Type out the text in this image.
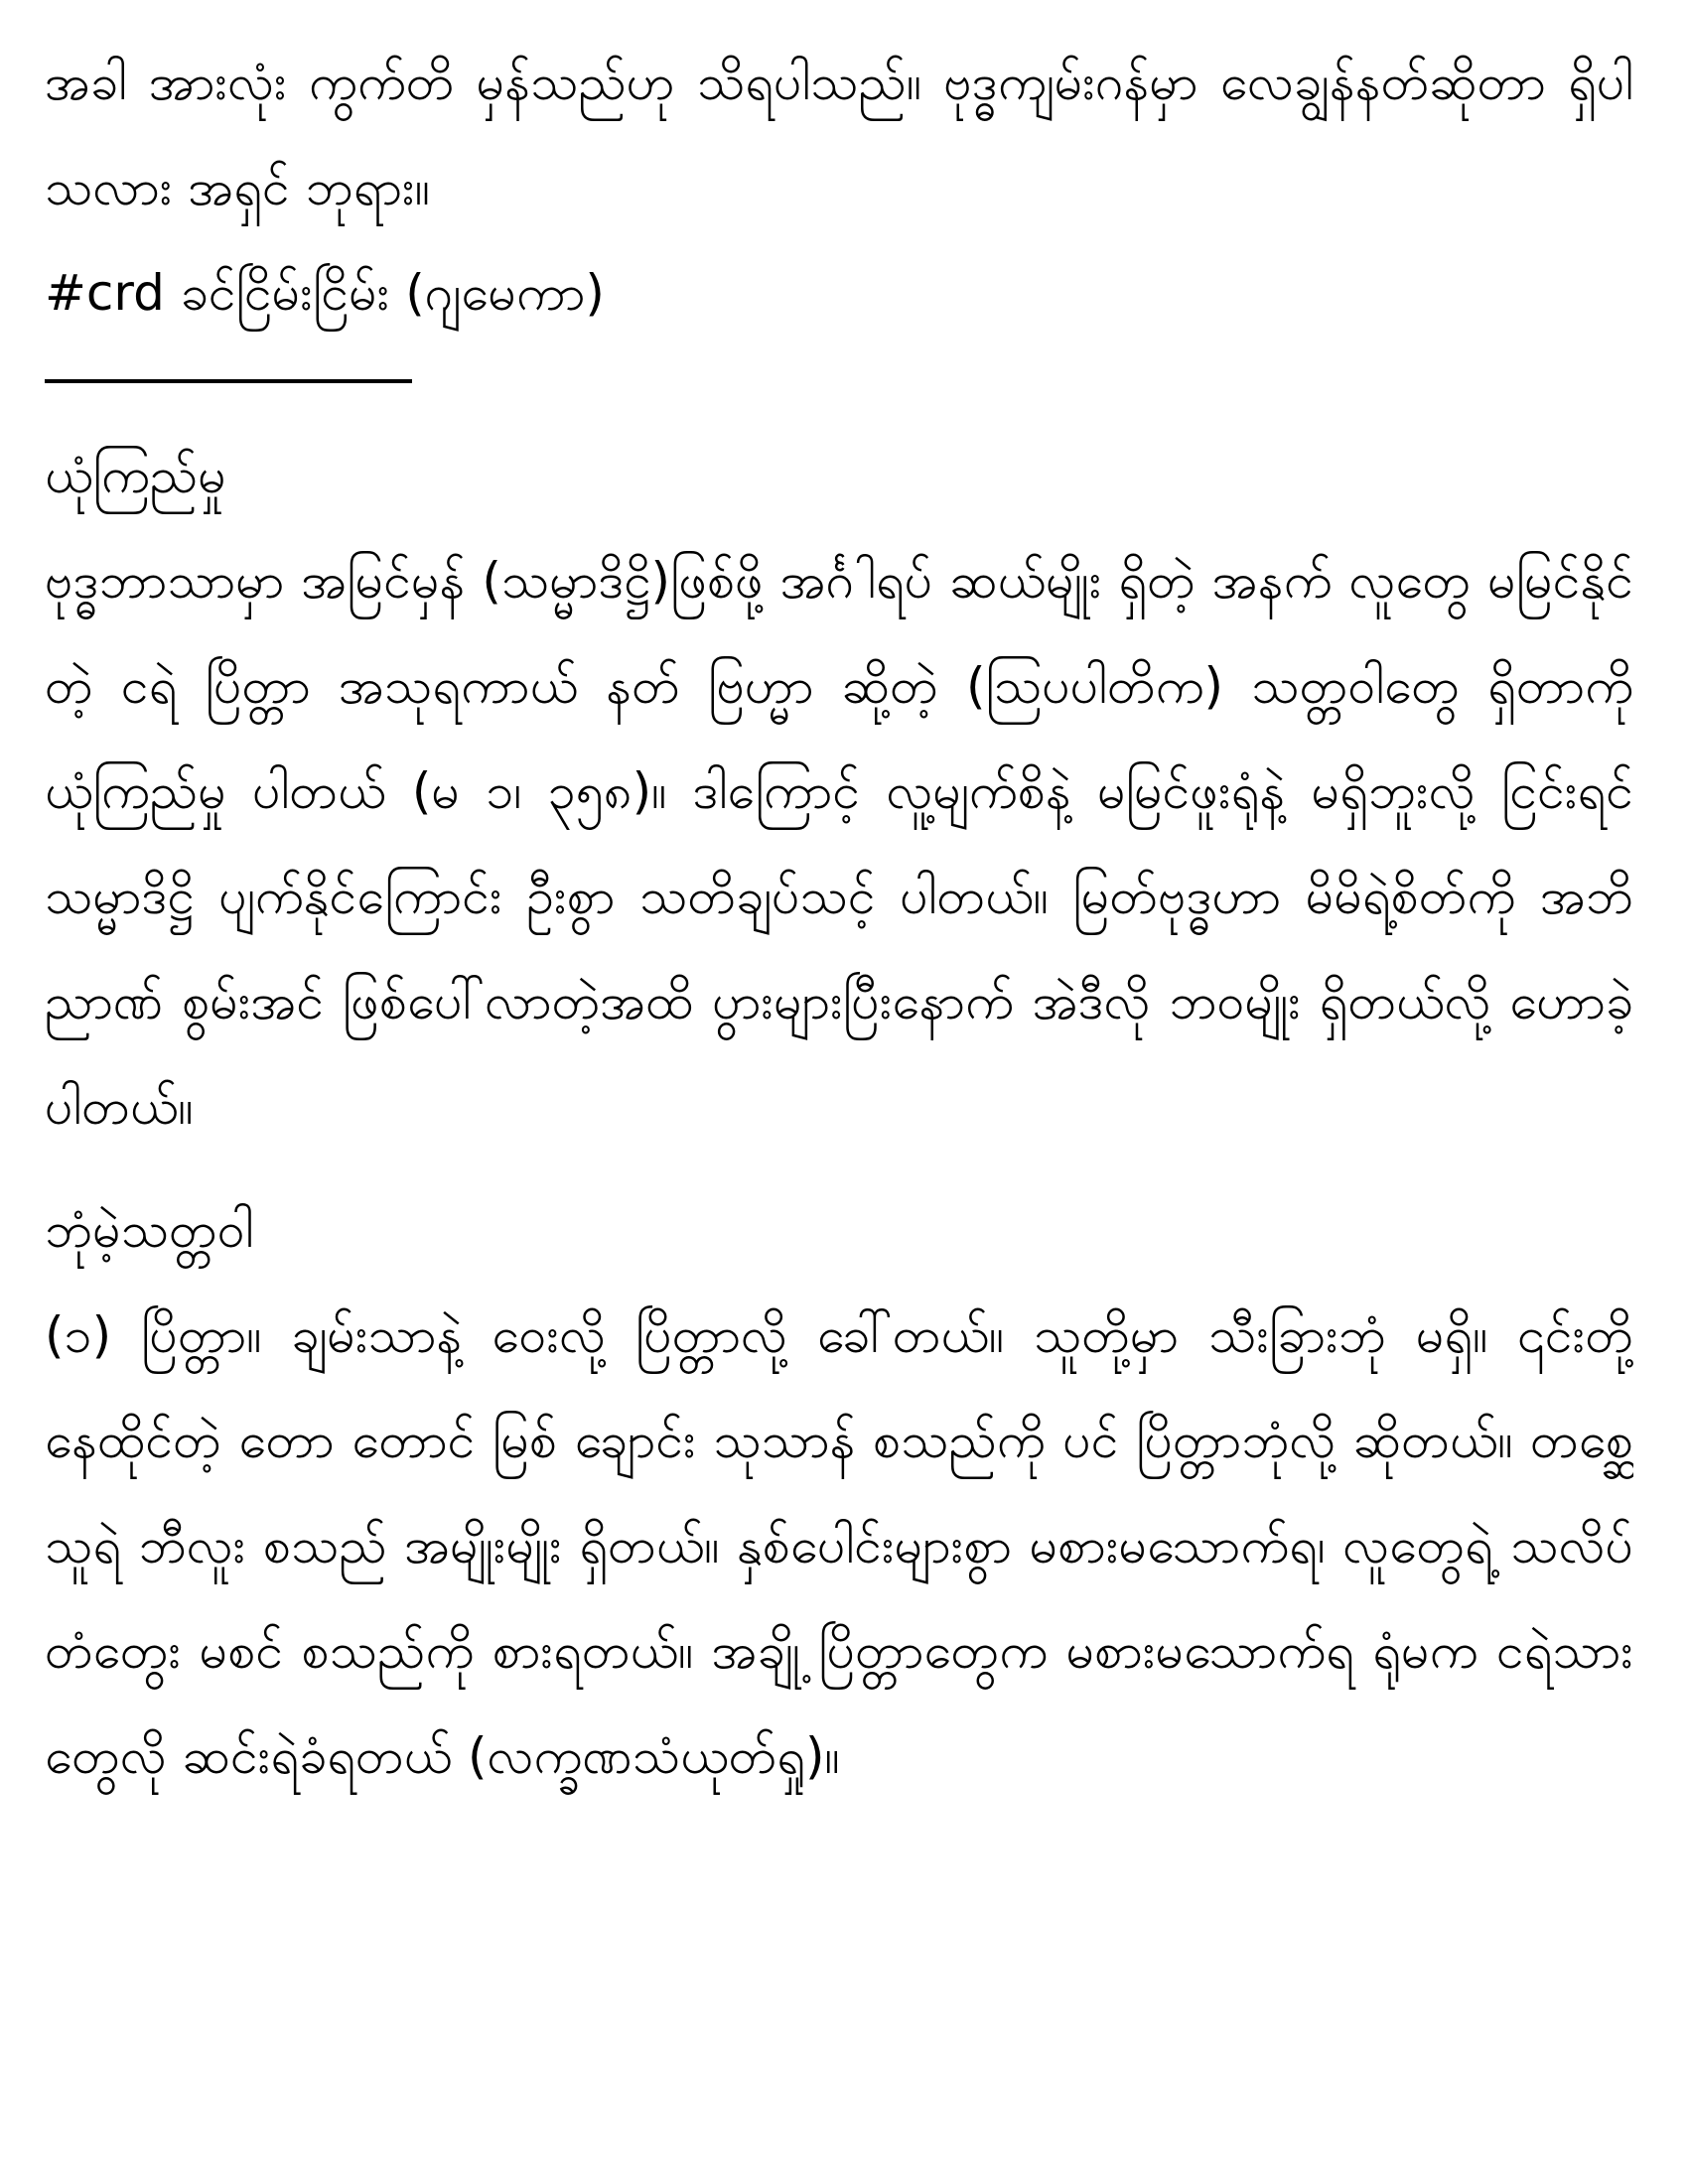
အခါ အားလုံး ကွက်တိ မှန်သည်ဟု သိရပါသည်။ ဗုဒ္ဓကျမ်းဂန်မှာ လေချွန်နတ်ဆိုတာ ရှိပါသလား အရှင် ဘုရား။

#crd ခင်ငြိမ်းငြိမ်း (ဂျမေကာ)

ယုံကြည်မှု

ဗုဒ္ဓဘာသာမှာ အမြင်မှန် (သမ္မာဒိဋ္ဌိ)ဖြစ်ဖို့ အင်္ဂါရပ် ဆယ်မျိုး ရှိတဲ့ အနက် လူတွေ မမြင်နိုင်တဲ့ ငရဲ ပြိတ္တာ အသုရကာယ် နတ် ဗြဟ္မာ ဆို့တဲ့ (ဩပပါတိက) သတ္တဝါတွေ ရှိတာကို ယုံကြည်မှု ပါတယ် (မ ၁၊ ၃၅၈)။ ဒါကြောင့် လူ့မျက်စိနဲ့ မမြင်ဖူးရုံနဲ့ မရှိဘူးလို့ ငြင်းရင် သမ္မာဒိဋ္ဌိ ပျက်နိုင်ကြောင်း ဦးစွာ သတိချပ်သင့် ပါတယ်။ မြတ်ဗုဒ္ဓဟာ မိမိရဲ့စိတ်ကို အဘိညာဏ် စွမ်းအင် ဖြစ်ပေါ်လာတဲ့အထိ ပွားများပြီးနောက် အဲဒီလို ဘဝမျိုး ရှိတယ်လို့ ဟောခဲ့ပါတယ်။

ဘုံမဲ့သတ္တဝါ

(၁) ပြိတ္တာ။ ချမ်းသာနဲ့ ဝေးလို့ ပြိတ္တာလို့ ခေါ်တယ်။ သူတို့မှာ သီးခြားဘုံ မရှိ။ ၎င်းတို့ နေထိုင်တဲ့ တော တောင် မြစ် ချောင်း သုသာန် စသည်ကို ပင် ပြိတ္တာဘုံလို့ ဆိုတယ်။ တစ္ဆေ သူရဲ ဘီလူး စသည် အမျိုးမျိုး ရှိတယ်။ နှစ်ပေါင်းများစွာ မစားမသောက်ရ၊ လူတွေရဲ့ သလိပ် တံတွေး မစင် စသည်ကို စားရတယ်။ အချို့ ပြိတ္တာတွေက မစားမသောက်ရ ရုံမက ငရဲသားတွေလို ဆင်းရဲခံရတယ် (လက္ခဏသံယုတ်ရှု)။
